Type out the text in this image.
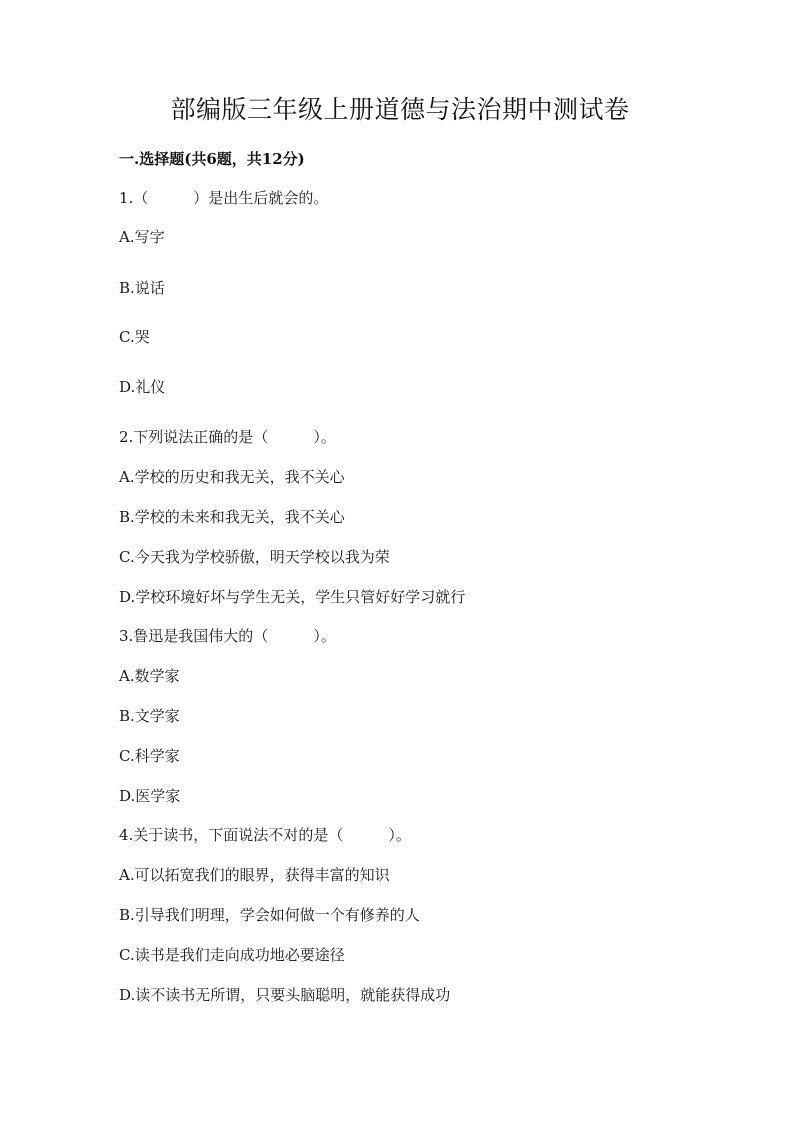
部编版三年级上册道德与法治期中测试卷
一.选择题(共6题，共12分)
1.（　　　）是出生后就会的。
A.写字
B.说话
C.哭
D.礼仪
2.下列说法正确的是（　　　）。
A.学校的历史和我无关，我不关心
B.学校的未来和我无关，我不关心
C.今天我为学校骄傲，明天学校以我为荣
D.学校环境好坏与学生无关，学生只管好好学习就行
3.鲁迅是我国伟大的（　　　）。
A.数学家
B.文学家
C.科学家
D.医学家
4.关于读书，下面说法不对的是（　　　）。
A.可以拓宽我们的眼界，获得丰富的知识
B.引导我们明理，学会如何做一个有修养的人
C.读书是我们走向成功地必要途径
D.读不读书无所谓，只要头脑聪明，就能获得成功
